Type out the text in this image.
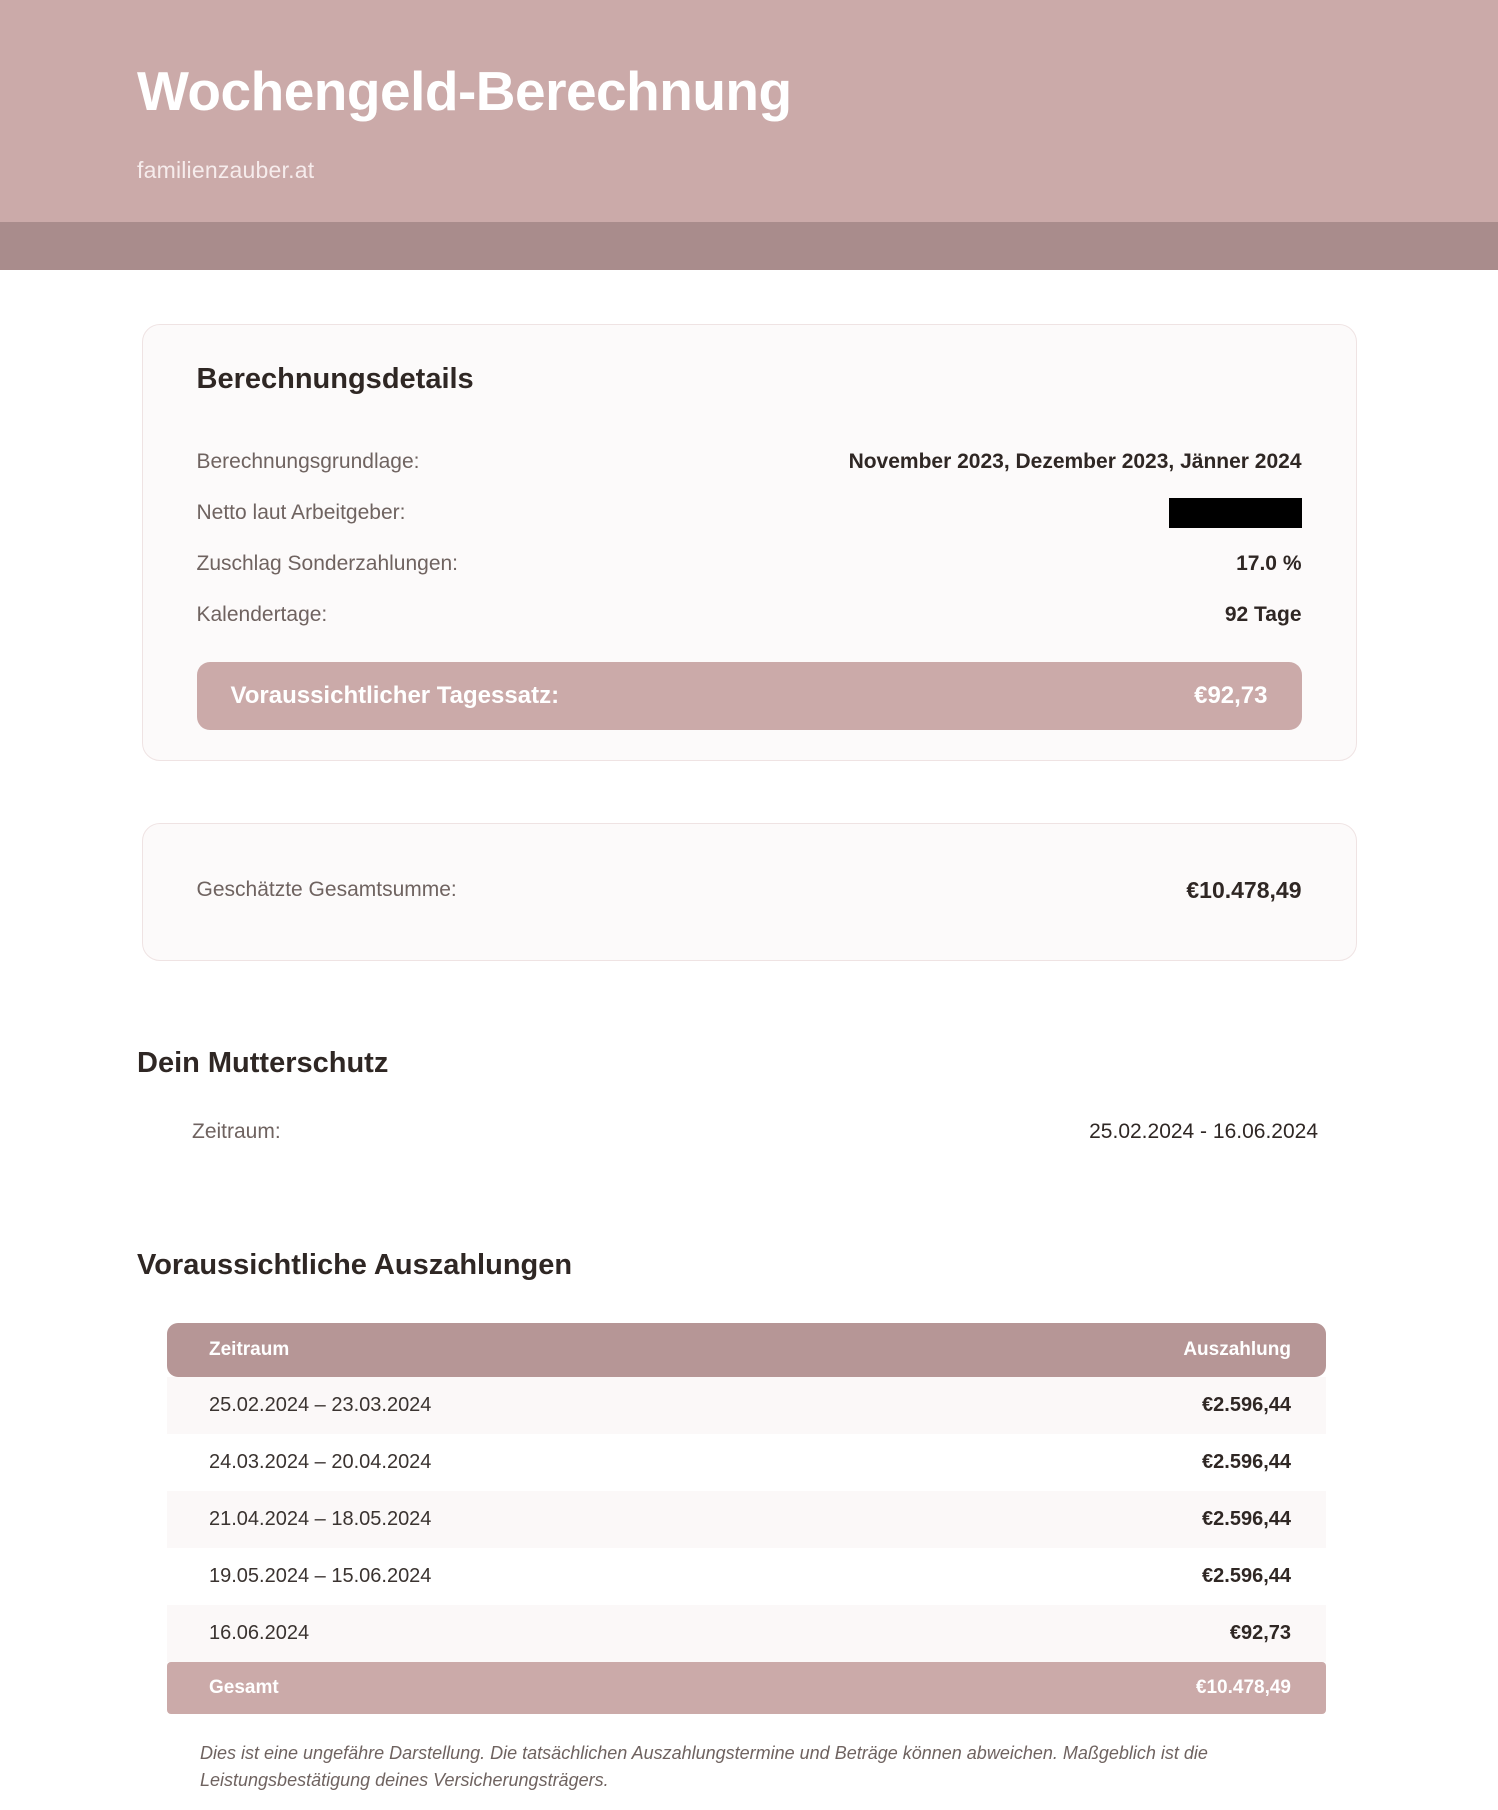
Wochengeld-Berechnung
familienzauber.at
Berechnungsdetails
Berechnungsgrundlage:	November 2023, Dezember 2023, Jänner 2024
Netto laut Arbeitgeber:
Zuschlag Sonderzahlungen:	17.0 %
Kalendertage:	92 Tage
Voraussichtlicher Tagessatz:	€92,73
Geschätzte Gesamtsumme:	€10.478,49
Dein Mutterschutz
Zeitraum:	25.02.2024 - 16.06.2024
Voraussichtliche Auszahlungen
Zeitraum	Auszahlung
25.02.2024 – 23.03.2024	€2.596,44
24.03.2024 – 20.04.2024	€2.596,44
21.04.2024 – 18.05.2024	€2.596,44
19.05.2024 – 15.06.2024	€2.596,44
16.06.2024	€92,73
Gesamt	€10.478,49
Dies ist eine ungefähre Darstellung. Die tatsächlichen Auszahlungstermine und Beträge können abweichen. Maßgeblich ist die Leistungsbestätigung deines Versicherungsträgers.
